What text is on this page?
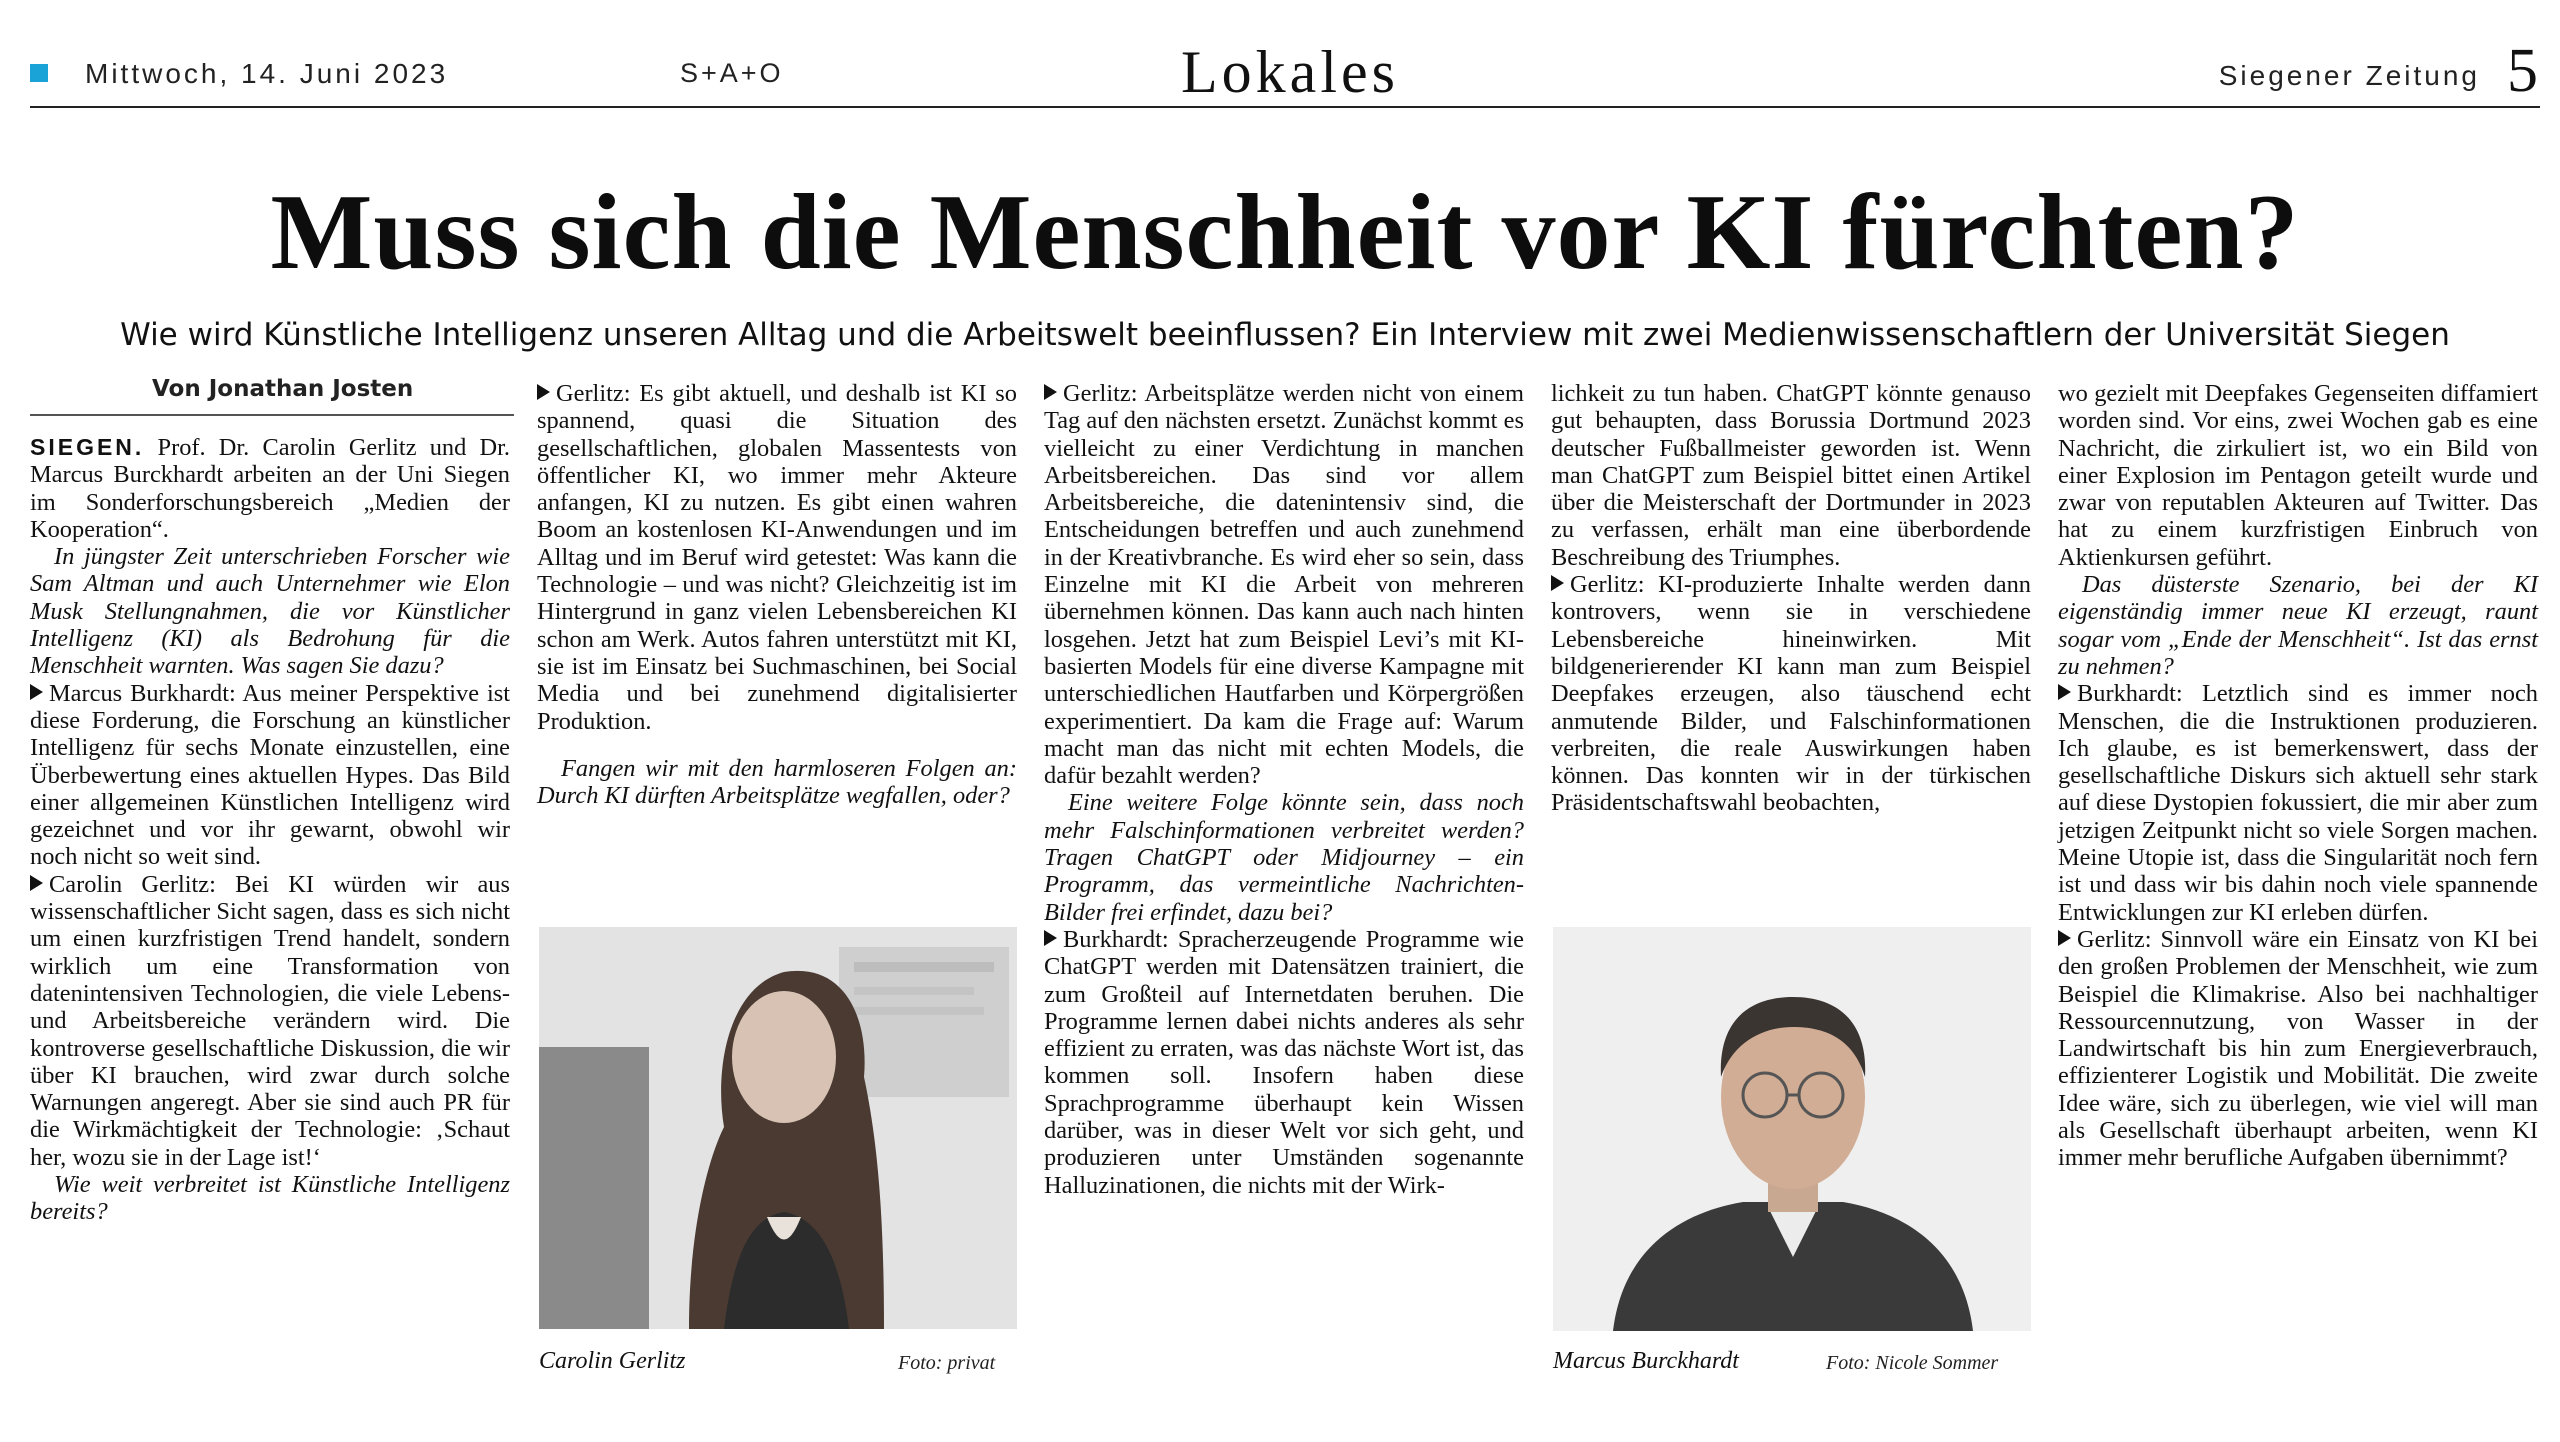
Mittwoch, 14. Juni 2023	S+A+O	Lokales	Siegener Zeitung 5
Muss sich die Menschheit vor KI fürchten?
Wie wird Künstliche Intelligenz unseren Alltag und die Arbeitswelt beeinflussen? Ein Interview mit zwei Medienwissenschaftlern der Universität Siegen
Von Jonathan Josten

SIEGEN. Prof. Dr. Carolin Gerlitz und Dr. Marcus Burckhardt arbeiten an der Uni Siegen im Sonderforschungsbereich „Medien der Kooperation“.

In jüngster Zeit unterschrieben Forscher wie Sam Altman und auch Unternehmer wie Elon Musk Stellungnahmen, die vor Künstlicher Intelligenz (KI) als Bedrohung für die Menschheit warnten. Was sagen Sie dazu?

Marcus Burkhardt: Aus meiner Perspektive ist diese Forderung, die Forschung an künstlicher Intelligenz für sechs Monate einzustellen, eine Überbewertung eines aktuellen Hypes. Das Bild einer allgemeinen Künstlichen Intelligenz wird gezeichnet und vor ihr gewarnt, obwohl wir noch nicht so weit sind.

Carolin Gerlitz: Bei KI würden wir aus wissenschaftlicher Sicht sagen, dass es sich nicht um einen kurzfristigen Trend handelt, sondern wirklich um eine Transformation von datenintensiven Technologien, die viele Lebens- und Arbeitsbereiche verändern wird. Die kontroverse gesellschaftliche Diskussion, die wir über KI brauchen, wird zwar durch solche Warnungen angeregt. Aber sie sind auch PR für die Wirkmächtigkeit der Technologie: ‚Schaut her, wozu sie in der Lage ist!‘

Wie weit verbreitet ist Künstliche Intelligenz bereits?

Gerlitz: Es gibt aktuell, und deshalb ist KI so spannend, quasi die Situation des gesellschaftlichen, globalen Massentests von öffentlicher KI, wo immer mehr Akteure anfangen, KI zu nutzen. Es gibt einen wahren Boom an kostenlosen KI-Anwendungen und im Alltag und im Beruf wird getestet: Was kann die Technologie – und was nicht? Gleichzeitig ist im Hintergrund in ganz vielen Lebensbereichen KI schon am Werk. Autos fahren unterstützt mit KI, sie ist im Einsatz bei Suchmaschinen, bei Social Media und bei zunehmend digitalisierter Produktion.

Fangen wir mit den harmloseren Folgen an: Durch KI dürften Arbeitsplätze wegfallen, oder?

Carolin Gerlitz	Foto: privat

Gerlitz: Arbeitsplätze werden nicht von einem Tag auf den nächsten ersetzt. Zunächst kommt es vielleicht zu einer Verdichtung in manchen Arbeitsbereichen. Das sind vor allem Arbeitsbereiche, die datenintensiv sind, die Entscheidungen betreffen und auch zunehmend in der Kreativbranche. Es wird eher so sein, dass Einzelne mit KI die Arbeit von mehreren übernehmen können. Das kann auch nach hinten losgehen. Jetzt hat zum Beispiel Levi’s mit KI-basierten Models für eine diverse Kampagne mit unterschiedlichen Hautfarben und Körpergrößen experimentiert. Da kam die Frage auf: Warum macht man das nicht mit echten Models, die dafür bezahlt werden?

Eine weitere Folge könnte sein, dass noch mehr Falschinformationen verbreitet werden? Tragen ChatGPT oder Midjourney – ein Programm, das vermeintliche Nachrichten-Bilder frei erfindet, dazu bei?

Burkhardt: Spracherzeugende Programme wie ChatGPT werden mit Datensätzen trainiert, die zum Großteil auf Internetdaten beruhen. Die Programme lernen dabei nichts anderes als sehr effizient zu erraten, was das nächste Wort ist, das kommen soll. Insofern haben diese Sprachprogramme überhaupt kein Wissen darüber, was in dieser Welt vor sich geht, und produzieren unter Umständen sogenannte Halluzinationen, die nichts mit der Wirk-

lichkeit zu tun haben. ChatGPT könnte genauso gut behaupten, dass Borussia Dortmund 2023 deutscher Fußballmeister geworden ist. Wenn man ChatGPT zum Beispiel bittet einen Artikel über die Meisterschaft der Dortmunder in 2023 zu verfassen, erhält man eine überbordende Beschreibung des Triumphes.

Gerlitz: KI-produzierte Inhalte werden dann kontrovers, wenn sie in verschiedene Lebensbereiche hineinwirken. Mit bildgenerierender KI kann man zum Beispiel Deepfakes erzeugen, also täuschend echt anmutende Bilder, und Falschinformationen verbreiten, die reale Auswirkungen haben können. Das konnten wir in der türkischen Präsidentschaftswahl beobachten,

Marcus Burckhardt	Foto: Nicole Sommer

wo gezielt mit Deepfakes Gegenseiten diffamiert worden sind. Vor eins, zwei Wochen gab es eine Nachricht, die zirkuliert ist, wo ein Bild von einer Explosion im Pentagon geteilt wurde und zwar von reputablen Akteuren auf Twitter. Das hat zu einem kurzfristigen Einbruch von Aktienkursen geführt.

Das düsterste Szenario, bei der KI eigenständig immer neue KI erzeugt, raunt sogar vom „Ende der Menschheit“. Ist das ernst zu nehmen?

Burkhardt: Letztlich sind es immer noch Menschen, die die Instruktionen produzieren. Ich glaube, es ist bemerkenswert, dass der gesellschaftliche Diskurs sich aktuell sehr stark auf diese Dystopien fokussiert, die mir aber zum jetzigen Zeitpunkt nicht so viele Sorgen machen. Meine Utopie ist, dass die Singularität noch fern ist und dass wir bis dahin noch viele spannende Entwicklungen zur KI erleben dürfen.

Gerlitz: Sinnvoll wäre ein Einsatz von KI bei den großen Problemen der Menschheit, wie zum Beispiel die Klimakrise. Also bei nachhaltiger Ressourcennutzung, von Wasser in der Landwirtschaft bis hin zum Energieverbrauch, effizienterer Logistik und Mobilität. Die zweite Idee wäre, sich zu überlegen, wie viel will man als Gesellschaft überhaupt arbeiten, wenn KI immer mehr berufliche Aufgaben übernimmt?
